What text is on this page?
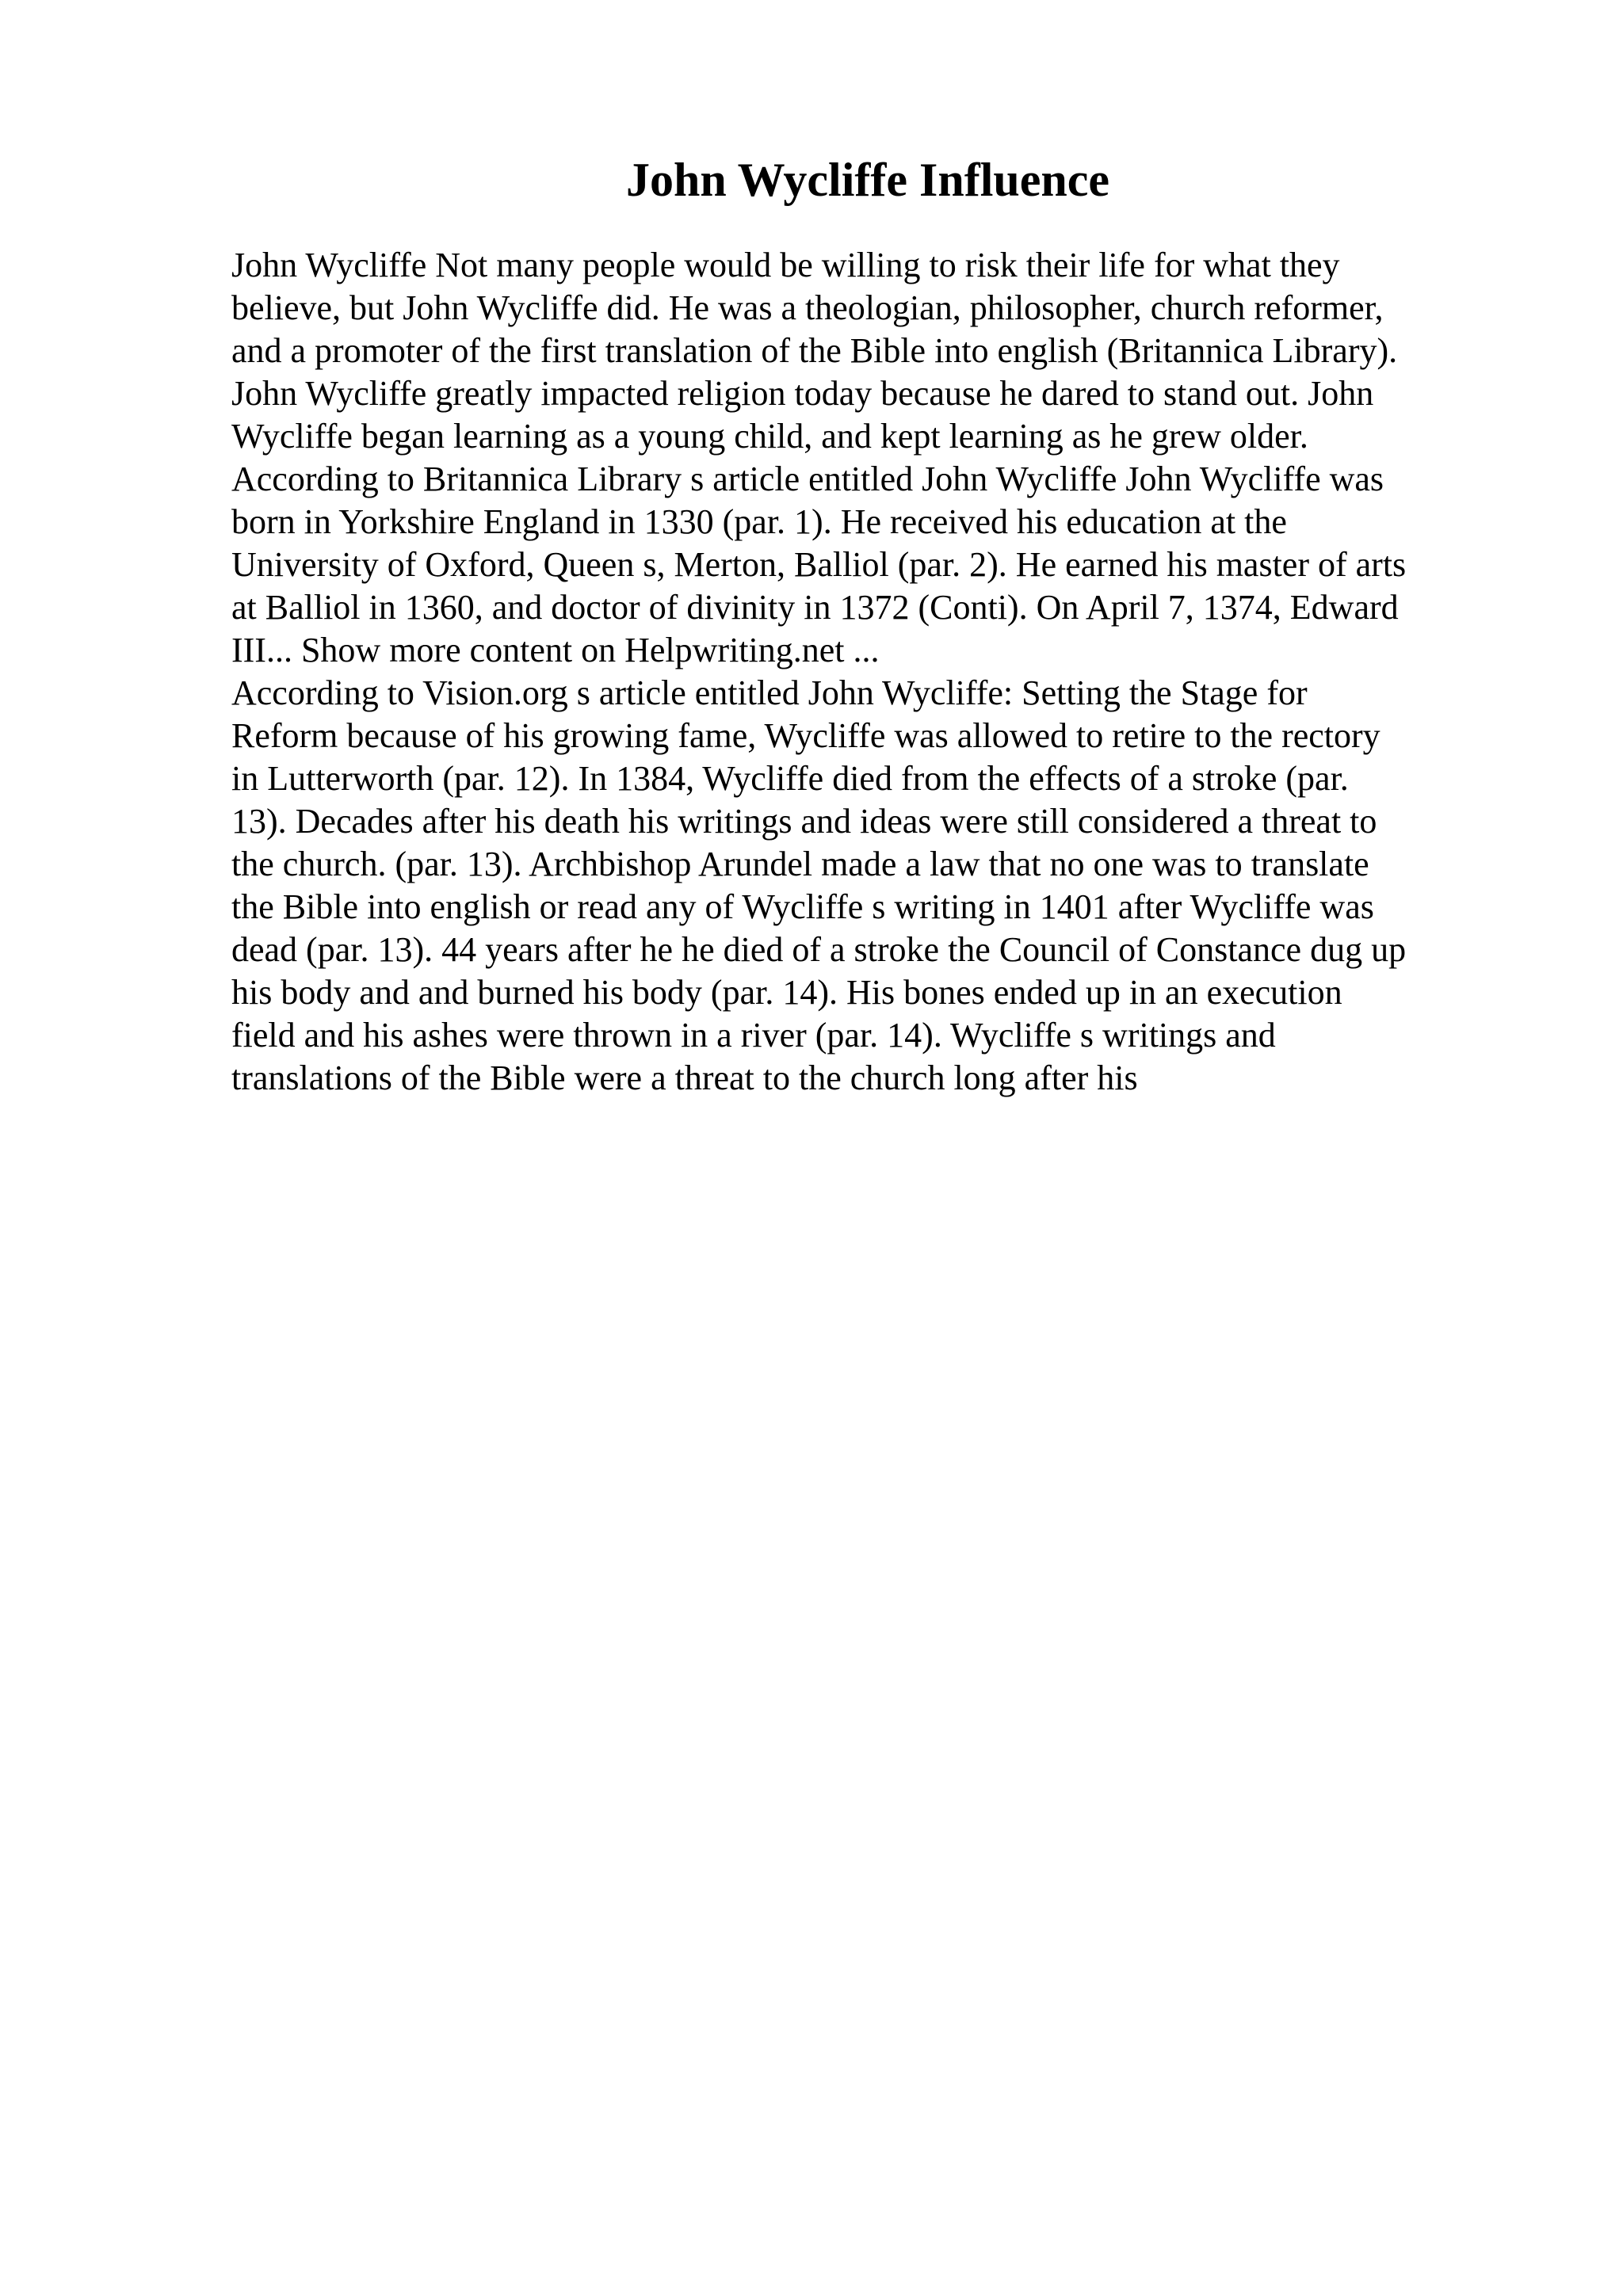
John Wycliffe Influence
John Wycliffe Not many people would be willing to risk their life for what they
believe, but John Wycliffe did. He was a theologian, philosopher, church reformer,
and a promoter of the first translation of the Bible into english (Britannica Library).
John Wycliffe greatly impacted religion today because he dared to stand out. John
Wycliffe began learning as a young child, and kept learning as he grew older.
According to Britannica Library s article entitled John Wycliffe John Wycliffe was
born in Yorkshire England in 1330 (par. 1). He received his education at the
University of Oxford, Queen s, Merton, Balliol (par. 2). He earned his master of arts
at Balliol in 1360, and doctor of divinity in 1372 (Conti). On April 7, 1374, Edward
III... Show more content on Helpwriting.net ...
According to Vision.org s article entitled John Wycliffe: Setting the Stage for
Reform because of his growing fame, Wycliffe was allowed to retire to the rectory
in Lutterworth (par. 12). In 1384, Wycliffe died from the effects of a stroke (par.
13). Decades after his death his writings and ideas were still considered a threat to
the church. (par. 13). Archbishop Arundel made a law that no one was to translate
the Bible into english or read any of Wycliffe s writing in 1401 after Wycliffe was
dead (par. 13). 44 years after he he died of a stroke the Council of Constance dug up
his body and and burned his body (par. 14). His bones ended up in an execution
field and his ashes were thrown in a river (par. 14). Wycliffe s writings and
translations of the Bible were a threat to the church long after his
